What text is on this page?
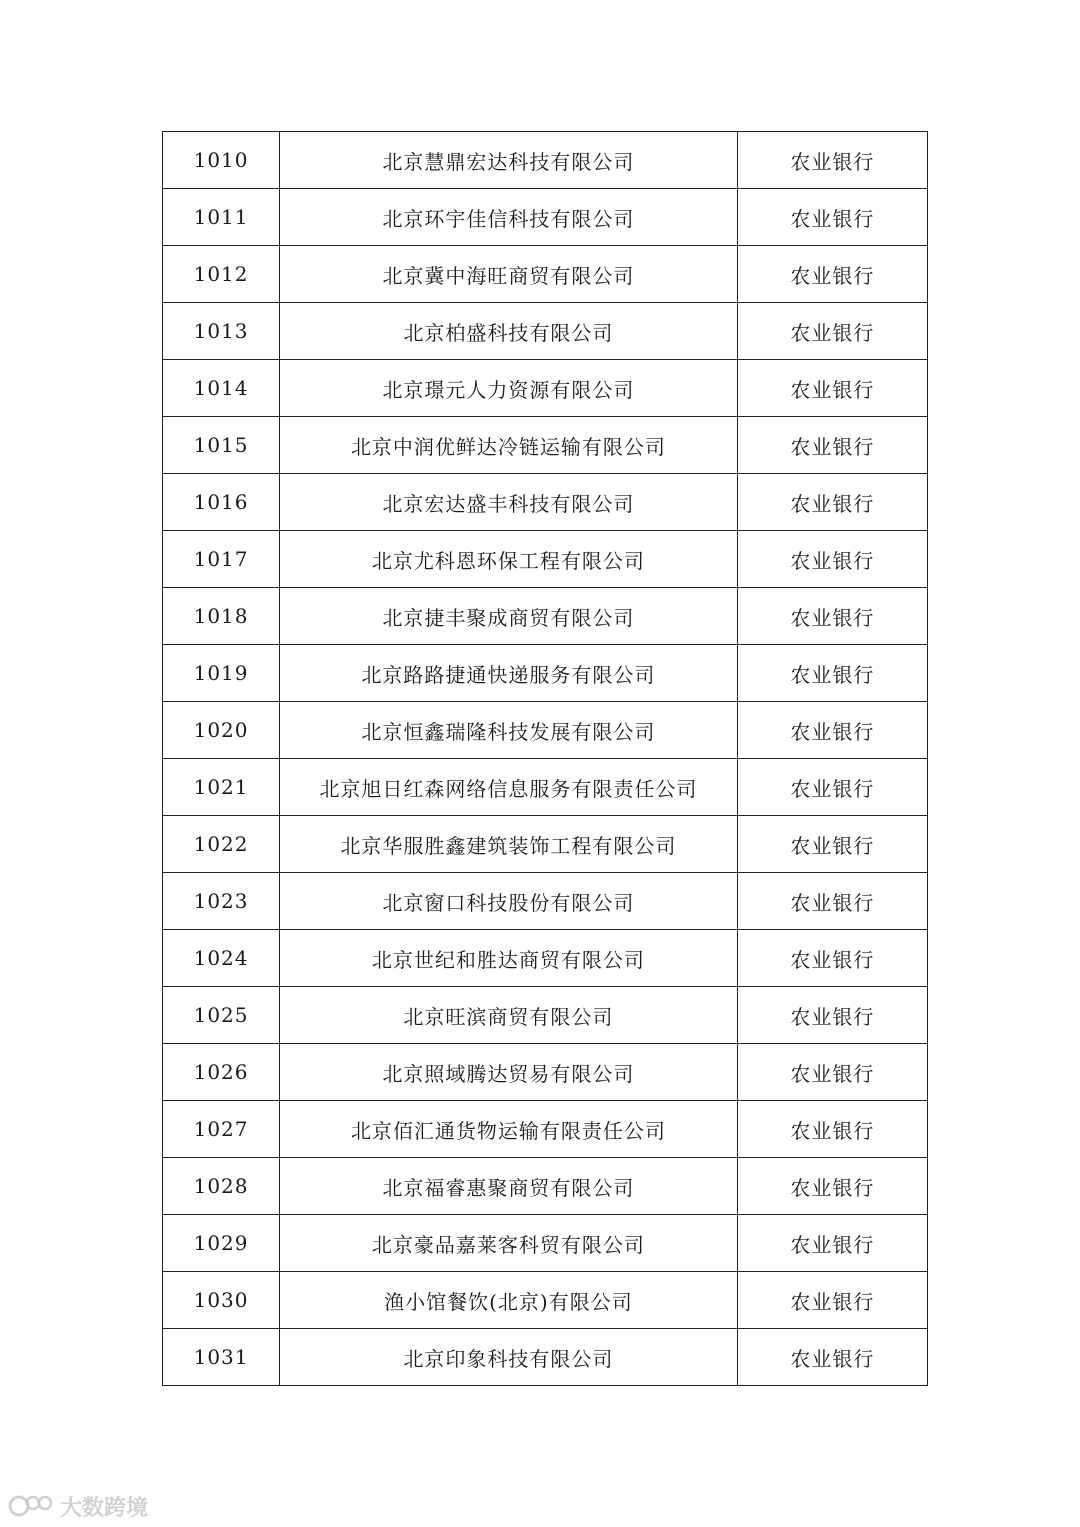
1010	北京慧鼎宏达科技有限公司	农业银行
1011	北京环宇佳信科技有限公司	农业银行
1012	北京冀中海旺商贸有限公司	农业银行
1013	北京柏盛科技有限公司	农业银行
1014	北京璟元人力资源有限公司	农业银行
1015	北京中润优鲜达冷链运输有限公司	农业银行
1016	北京宏达盛丰科技有限公司	农业银行
1017	北京尤科恩环保工程有限公司	农业银行
1018	北京捷丰聚成商贸有限公司	农业银行
1019	北京路路捷通快递服务有限公司	农业银行
1020	北京恒鑫瑞隆科技发展有限公司	农业银行
1021	北京旭日红森网络信息服务有限责任公司	农业银行
1022	北京华服胜鑫建筑装饰工程有限公司	农业银行
1023	北京窗口科技股份有限公司	农业银行
1024	北京世纪和胜达商贸有限公司	农业银行
1025	北京旺滨商贸有限公司	农业银行
1026	北京照域腾达贸易有限公司	农业银行
1027	北京佰汇通货物运输有限责任公司	农业银行
1028	北京福睿惠聚商贸有限公司	农业银行
1029	北京豪品嘉莱客科贸有限公司	农业银行
1030	渔小馆餐饮(北京)有限公司	农业银行
1031	北京印象科技有限公司	农业银行
大数跨境
